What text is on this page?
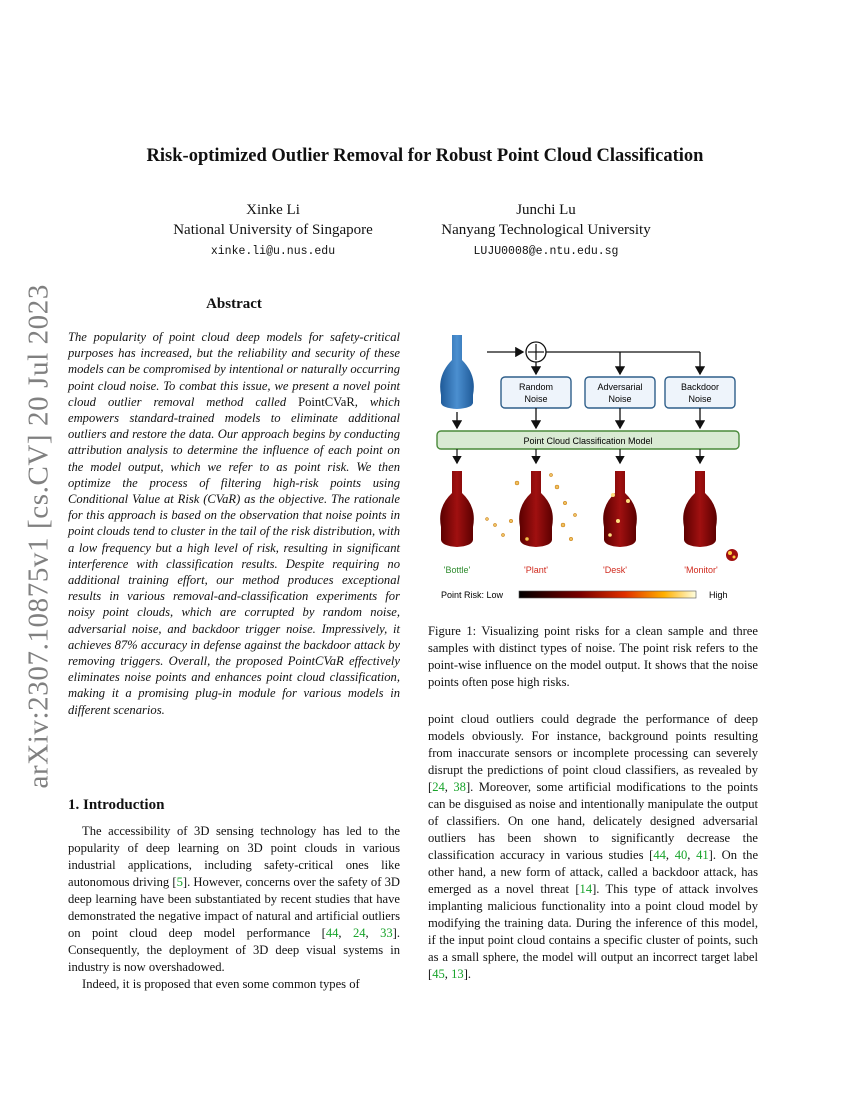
arXiv:2307.10875v1 [cs.CV] 20 Jul 2023
Risk-optimized Outlier Removal for Robust Point Cloud Classification
Xinke Li
National University of Singapore
xinke.li@u.nus.edu
Junchi Lu
Nanyang Technological University
LUJU0008@e.ntu.edu.sg
Abstract
The popularity of point cloud deep models for safety-critical purposes has increased, but the reliability and security of these models can be compromised by intentional or naturally occurring point cloud noise. To combat this issue, we present a novel point cloud outlier removal method called PointCVaR, which empowers standard-trained models to eliminate additional outliers and restore the data. Our approach begins by conducting attribution analysis to determine the influence of each point on the model output, which we refer to as point risk. We then optimize the process of filtering high-risk points using Conditional Value at Risk (CVaR) as the objective. The rationale for this approach is based on the observation that noise points in point clouds tend to cluster in the tail of the risk distribution, with a low frequency but a high level of risk, resulting in significant interference with classification results. Despite requiring no additional training effort, our method produces exceptional results in various removal-and-classification experiments for noisy point clouds, which are corrupted by random noise, adversarial noise, and backdoor trigger noise. Impressively, it achieves 87% accuracy in defense against the backdoor attack by removing triggers. Overall, the proposed PointCVaR effectively eliminates noise points and enhances point cloud classification, making it a promising plug-in module for various models in different scenarios.
1. Introduction

The accessibility of 3D sensing technology has led to the popularity of deep learning on 3D point clouds in various industrial applications, including safety-critical ones like autonomous driving [5]. However, concerns over the safety of 3D deep learning have been substantiated by recent studies that have demonstrated the negative impact of natural and artificial outliers on point cloud deep model performance [44, 24, 33]. Consequently, the deployment of 3D deep visual systems in industry is now overshadowed.

Indeed, it is proposed that even some common types of

Random
Noise
Adversarial
Noise
Backdoor
Noise
Point Cloud Classification Model
'Bottle'	'Plant'	'Desk'	'Monitor'
Point Risk: Low	High
Figure 1: Visualizing point risks for a clean sample and three samples with distinct types of noise. The point risk refers to the point-wise influence on the model output. It shows that the noise points often pose high risks.
point cloud outliers could degrade the performance of deep models obviously. For instance, background points resulting from inaccurate sensors or incomplete processing can severely disrupt the predictions of point cloud classifiers, as revealed by [24, 38]. Moreover, some artificial modifications to the points can be disguised as noise and intentionally manipulate the output of classifiers. On one hand, delicately designed adversarial outliers has been shown to significantly decrease the classification accuracy in various studies [44, 40, 41]. On the other hand, a new form of attack, called a backdoor attack, has emerged as a novel threat [14]. This type of attack involves implanting malicious functionality into a point cloud model by modifying the training data. During the inference of this model, if the input point cloud contains a specific cluster of points, such as a small sphere, the model will output an incorrect target label [45, 13].
